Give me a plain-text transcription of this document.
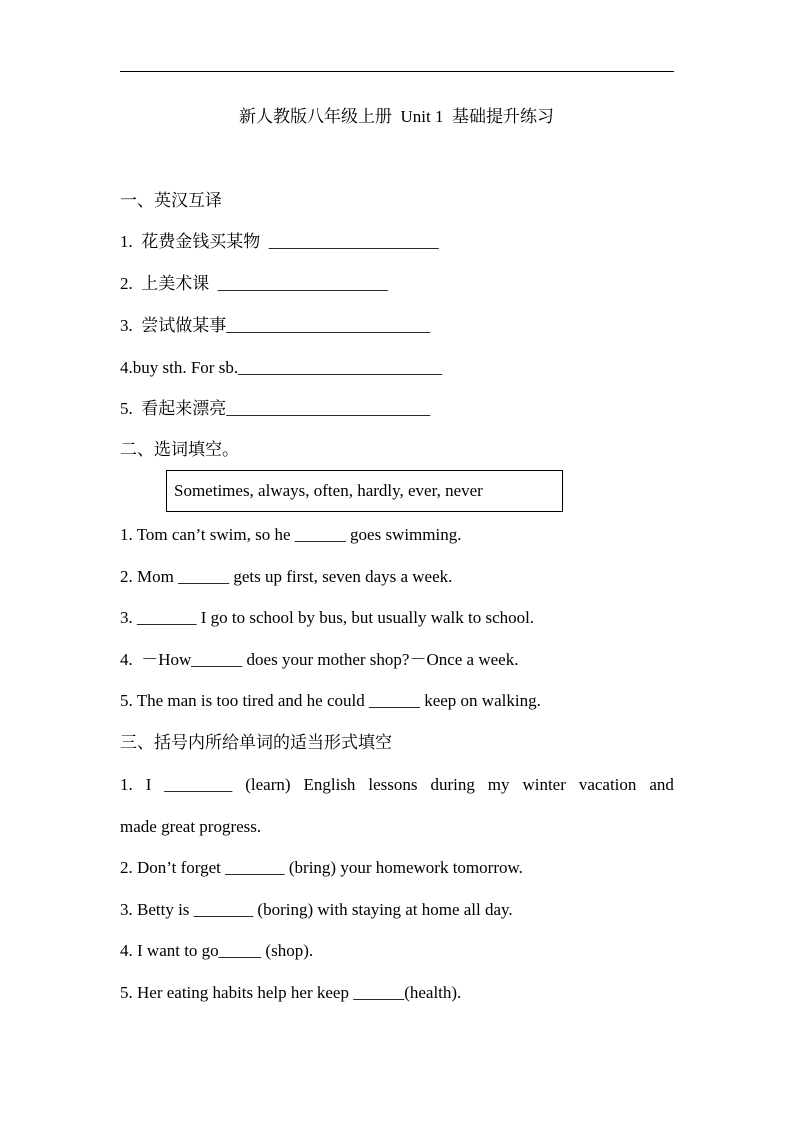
新人教版八年级上册  Unit 1  基础提升练习
一、英汉互译
1.  花费金钱买某物  ____________________
2.  上美术课  ____________________
3.  尝试做某事________________________
4.buy sth. For sb.________________________
5.  看起来漂亮________________________
二、选词填空。
Sometimes, always, often, hardly, ever, never
1. Tom can’t swim, so he ______ goes swimming.
2. Mom ______ gets up first, seven days a week.
3. _______ I go to school by bus, but usually walk to school.
4.  －How______ does your mother shop?－Once a week.
5. The man is too tired and he could ______ keep on walking.
三、括号内所给单词的适当形式填空
1. I ________ (learn) English lessons during my winter vacation and
made great progress.
2. Don’t forget _______ (bring) your homework tomorrow.
3. Betty is _______ (boring) with staying at home all day.
4. I want to go_____ (shop).
5. Her eating habits help her keep ______(health).
